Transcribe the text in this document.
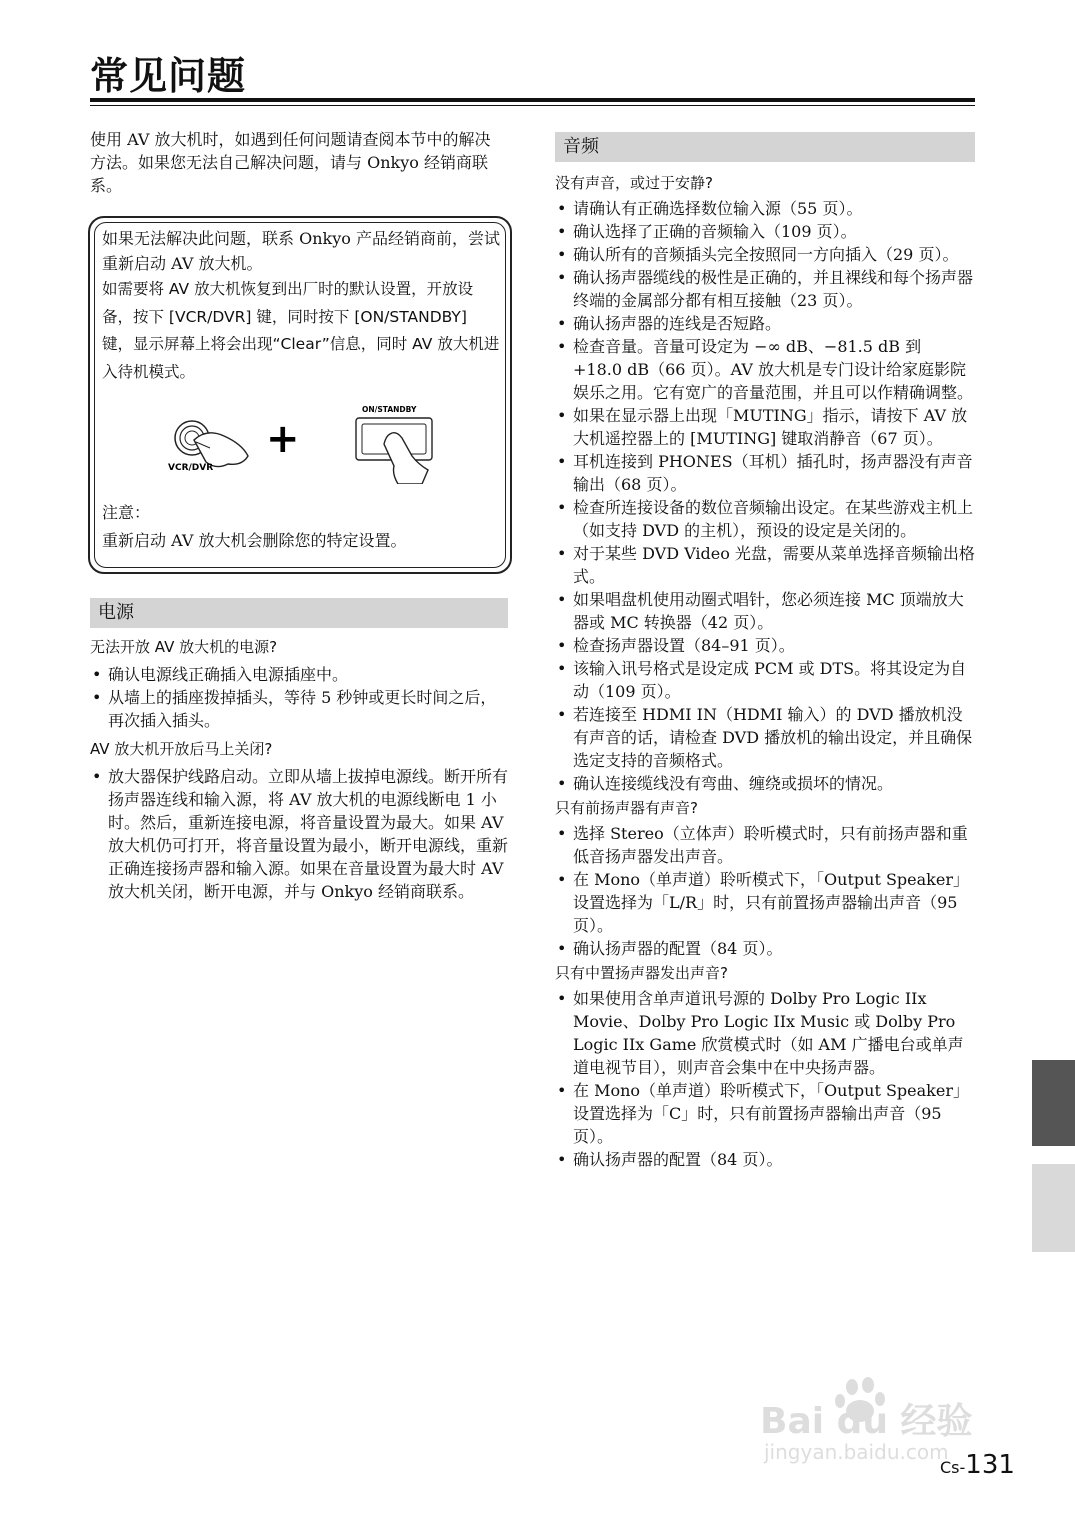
常见问题

使用 AV 放大机时，如遇到任何问题请查阅本节中的解决方法。如果您无法自己解决问题，请与 Onkyo 经销商联系。

如果无法解决此问题，联系 Onkyo 产品经销商前，尝试重新启动 AV 放大机。
如需要将 AV 放大机恢复到出厂时的默认设置，开放设备，按下 [VCR/DVR] 键，同时按下 [ON/STANDBY] 键，显示屏幕上将会出现“Clear”信息，同时 AV 放大机进入待机模式。
VCR/DVR
+
ON/STANDBY
注意：
重新启动 AV 放大机会删除您的特定设置。
电源

无法开放 AV 放大机的电源?

• 确认电源线正确插入电源插座中。
• 从墙上的插座拨掉插头，等待 5 秒钟或更长时间之后，再次插入插头。

AV 放大机开放后马上关闭?

• 放大器保护线路启动。立即从墙上拔掉电源线。断开所有扬声器连线和输入源，将 AV 放大机的电源线断电 1 小时。然后，重新连接电源，将音量设置为最大。如果 AV 放大机仍可打开，将音量设置为最小，断开电源线，重新正确连接扬声器和输入源。如果在音量设置为最大时 AV 放大机关闭，断开电源，并与 Onkyo 经销商联系。
音频

没有声音，或过于安静?

• 请确认有正确选择数位输入源（55 页）。
• 确认选择了正确的音频输入（109 页）。
• 确认所有的音频插头完全按照同一方向插入（29 页）。
• 确认扬声器缆线的极性是正确的，并且裸线和每个扬声器终端的金属部分都有相互接触（23 页）。
• 确认扬声器的连线是否短路。
• 检查音量。音量可设定为 −∞ dB、−81.5 dB 到 +18.0 dB（66 页）。AV 放大机是专门设计给家庭影院娱乐之用。它有宽广的音量范围，并且可以作精确调整。
• 如果在显示器上出现「MUTING」指示，请按下 AV 放大机遥控器上的 [MUTING] 键取消静音（67 页）。
• 耳机连接到 PHONES（耳机）插孔时，扬声器没有声音输出（68 页）。
• 检查所连接设备的数位音频输出设定。在某些游戏主机上（如支持 DVD 的主机），预设的设定是关闭的。
• 对于某些 DVD Video 光盘，需要从菜单选择音频输出格式。
• 如果唱盘机使用动圈式唱针，您必须连接 MC 顶端放大器或 MC 转换器（42 页）。
• 检查扬声器设置（84–91 页）。
• 该输入讯号格式是设定成 PCM 或 DTS。将其设定为自动（109 页）。
• 若连接至 HDMI IN（HDMI 输入）的 DVD 播放机没有声音的话，请检查 DVD 播放机的输出设定，并且确保选定支持的音频格式。
• 确认连接缆线没有弯曲、缠绕或损坏的情况。

只有前扬声器有声音?

• 选择 Stereo（立体声）聆听模式时，只有前扬声器和重低音扬声器发出声音。
• 在 Mono（单声道）聆听模式下，「Output Speaker」设置选择为「L/R」时，只有前置扬声器输出声音（95 页）。
• 确认扬声器的配置（84 页）。

只有中置扬声器发出声音?

• 如果使用含单声道讯号源的 Dolby Pro Logic IIx Movie、Dolby Pro Logic IIx Music 或 Dolby Pro Logic IIx Game 欣赏模式时（如 AM 广播电台或单声道电视节目），则声音会集中在中央扬声器。
• 在 Mono（单声道）聆听模式下，「Output Speaker」设置选择为「C」时，只有前置扬声器输出声音（95 页）。
• 确认扬声器的配置（84 页）。
Bai du 经验
jingyan.baidu.com
Cs-131
